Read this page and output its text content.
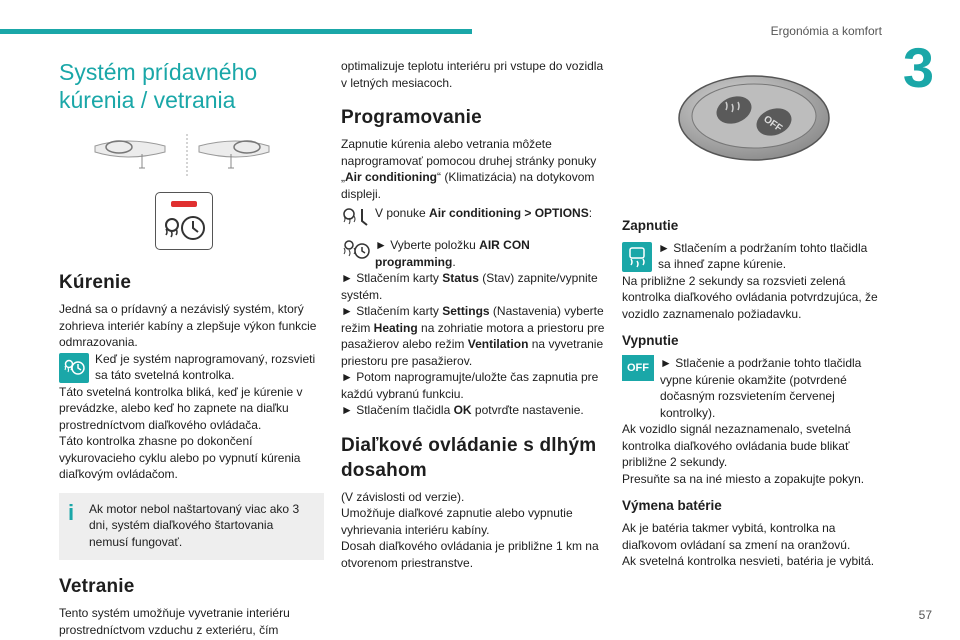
Ergonómia a komfort
3
Systém prídavného kúrenia / vetrania
Kúrenie

Jedná sa o prídavný a nezávislý systém, ktorý zohrieva interiér kabíny a zlepšuje výkon funkcie odmrazovania.

Keď je systém naprogramovaný, rozsvieti sa táto svetelná kontrolka.

Táto svetelná kontrolka bliká, keď je kúrenie v prevádzke, alebo keď ho zapnete na diaľku prostredníctvom diaľkového ovládača.

Táto kontrolka zhasne po dokončení vykurovacieho cyklu alebo po vypnutí kúrenia diaľkovým ovládačom.

i	Ak motor nebol naštartovaný viac ako 3 dni, systém diaľkového štartovania nemusí fungovať.

Vetranie

Tento systém umožňuje vyvetranie interiéru prostredníctvom vzduchu z exteriéru, čím

optimalizuje teplotu interiéru pri vstupe do vozidla v letných mesiacoch.

Programovanie

Zapnutie kúrenia alebo vetrania môžete naprogramovať pomocou druhej stránky ponuky „Air conditioning“ (Klimatizácia) na dotykovom displeji.

V ponuke Air conditioning > OPTIONS:

► Vyberte položku AIR CON programming.

► Stlačením karty Status (Stav) zapnite/vypnite systém.

► Stlačením karty Settings (Nastavenia) vyberte režim Heating na zohriatie motora a priestoru pre pasažierov alebo režim Ventilation na vyvetranie priestoru pre pasažierov.

► Potom naprogramujte/uložte čas zapnutia pre každú vybranú funkciu.

► Stlačením tlačidla OK potvrďte nastavenie.

Diaľkové ovládanie s dlhým dosahom

(V závislosti od verzie).

Umožňuje diaľkové zapnutie alebo vypnutie vyhrievania interiéru kabíny.

Dosah diaľkového ovládania je približne 1 km na otvorenom priestranstve.

OFF
Zapnutie

► Stlačením a podržaním tohto tlačidla sa ihneď zapne kúrenie.

Na približne 2 sekundy sa rozsvieti zelená kontrolka diaľkového ovládania potvrdzujúca, že vozidlo zaznamenalo požiadavku.

Vypnutie
OFF ► Stlačenie a podržanie tohto tlačidla vypne kúrenie okamžite (potvrdené dočasným rozsvietením červenej kontrolky).

Ak vozidlo signál nezaznamenalo, svetelná kontrolka diaľkového ovládania bude blikať približne 2 sekundy.

Presuňte sa na iné miesto a zopakujte pokyn.

Výmena batérie

Ak je batéria takmer vybitá, kontrolka na diaľkovom ovládaní sa zmení na oranžovú.

Ak svetelná kontrolka nesvieti, batéria je vybitá.

57
